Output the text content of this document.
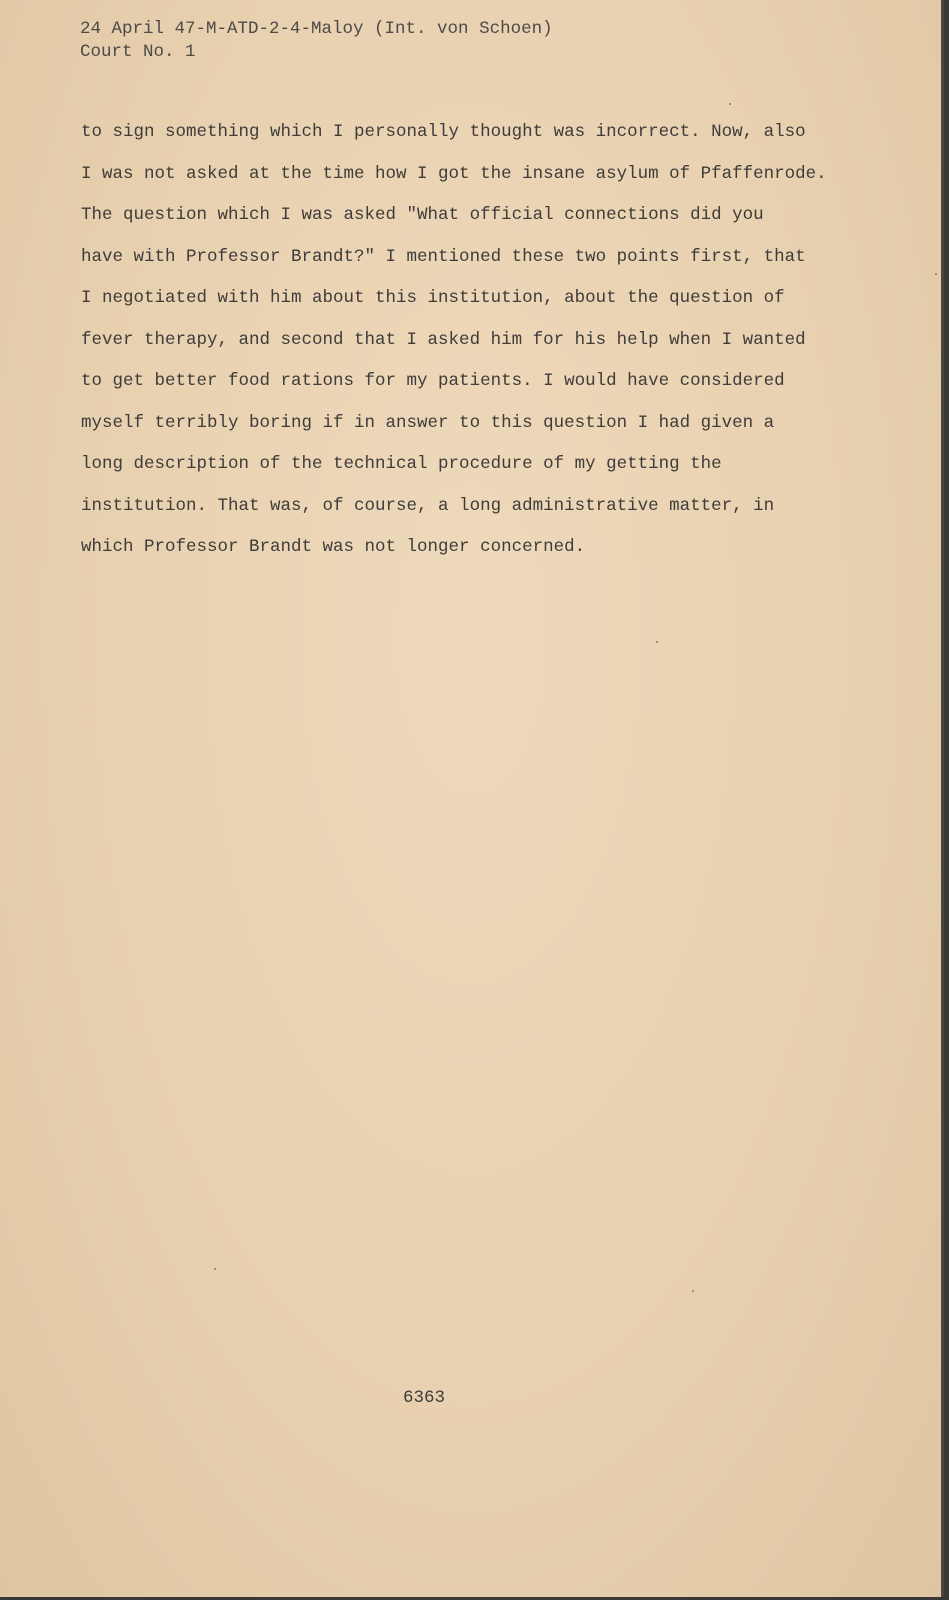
24 April 47-M-ATD-2-4-Maloy (Int. von Schoen)
Court No. 1
to sign something which I personally thought was incorrect. Now, also
I was not asked at the time how I got the insane asylum of Pfaffenrode.
The question which I was asked "What official connections did you
have with Professor Brandt?" I mentioned these two points first, that
I negotiated with him about this institution, about the question of
fever therapy, and second that I asked him for his help when I wanted
to get better food rations for my patients. I would have considered
myself terribly boring if in answer to this question I had given a
long description of the technical procedure of my getting the
institution. That was, of course, a long administrative matter, in
which Professor Brandt was not longer concerned.
6363
